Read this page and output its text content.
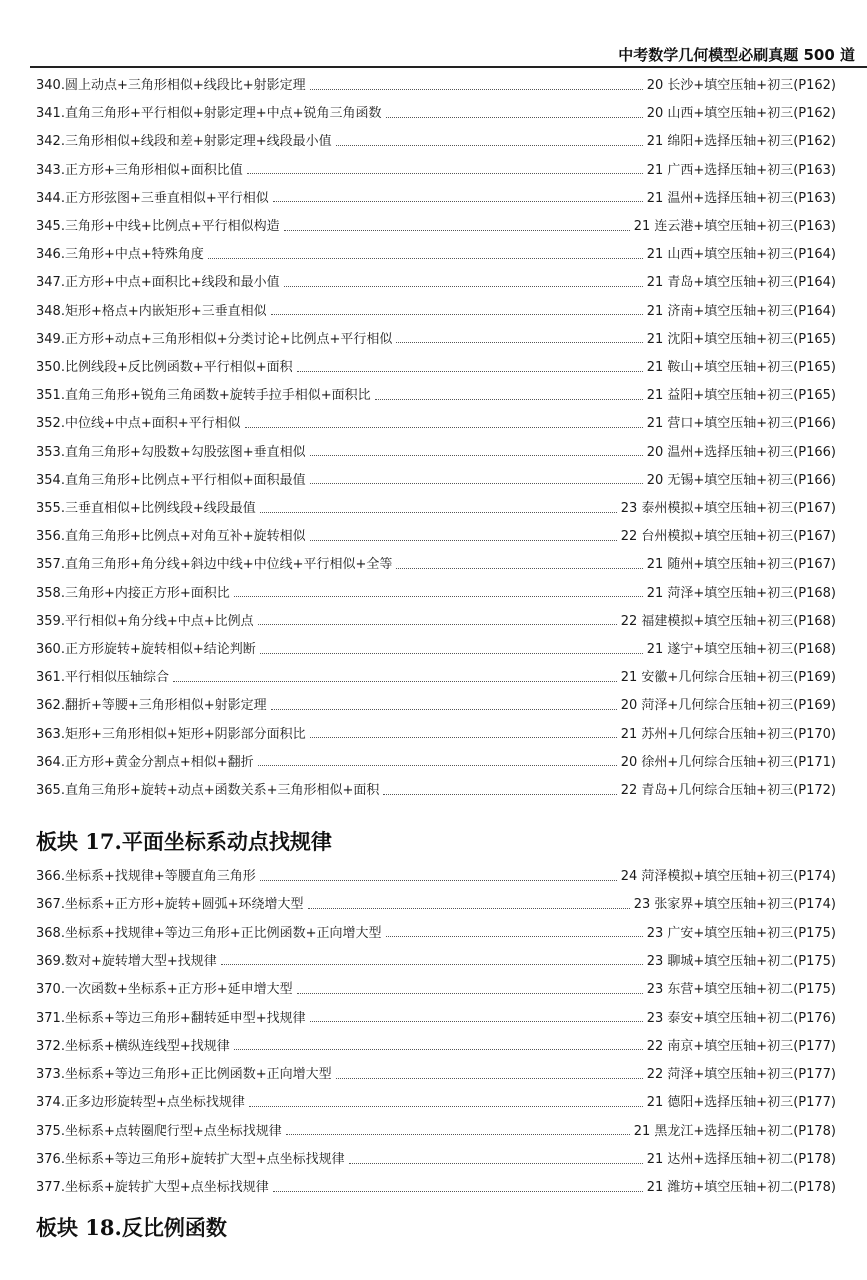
中考数学几何模型必刷真题 500 道
340.圆上动点+三角形相似+线段比+射影定理	20 长沙+填空压轴+初三(P162)
341.直角三角形+平行相似+射影定理+中点+锐角三角函数	20 山西+填空压轴+初三(P162)
342.三角形相似+线段和差+射影定理+线段最小值	21 绵阳+选择压轴+初三(P162)
343.正方形+三角形相似+面积比值	21 广西+选择压轴+初三(P163)
344.正方形弦图+三垂直相似+平行相似	21 温州+选择压轴+初三(P163)
345.三角形+中线+比例点+平行相似构造	21 连云港+填空压轴+初三(P163)
346.三角形+中点+特殊角度	21 山西+填空压轴+初三(P164)
347.正方形+中点+面积比+线段和最小值	21 青岛+填空压轴+初三(P164)
348.矩形+格点+内嵌矩形+三垂直相似	21 济南+填空压轴+初三(P164)
349.正方形+动点+三角形相似+分类讨论+比例点+平行相似	21 沈阳+填空压轴+初三(P165)
350.比例线段+反比例函数+平行相似+面积	21 鞍山+填空压轴+初三(P165)
351.直角三角形+锐角三角函数+旋转手拉手相似+面积比	21 益阳+填空压轴+初三(P165)
352.中位线+中点+面积+平行相似	21 营口+填空压轴+初三(P166)
353.直角三角形+勾股数+勾股弦图+垂直相似	20 温州+选择压轴+初三(P166)
354.直角三角形+比例点+平行相似+面积最值	20 无锡+填空压轴+初三(P166)
355.三垂直相似+比例线段+线段最值	23 泰州模拟+填空压轴+初三(P167)
356.直角三角形+比例点+对角互补+旋转相似	22 台州模拟+填空压轴+初三(P167)
357.直角三角形+角分线+斜边中线+中位线+平行相似+全等	21 随州+填空压轴+初三(P167)
358.三角形+内接正方形+面积比	21 菏泽+填空压轴+初三(P168)
359.平行相似+角分线+中点+比例点	22 福建模拟+填空压轴+初三(P168)
360.正方形旋转+旋转相似+结论判断	21 遂宁+填空压轴+初三(P168)
361.平行相似压轴综合	21 安徽+几何综合压轴+初三(P169)
362.翻折+等腰+三角形相似+射影定理	20 菏泽+几何综合压轴+初三(P169)
363.矩形+三角形相似+矩形+阴影部分面积比	21 苏州+几何综合压轴+初三(P170)
364.正方形+黄金分割点+相似+翻折	20 徐州+几何综合压轴+初三(P171)
365.直角三角形+旋转+动点+函数关系+三角形相似+面积	22 青岛+几何综合压轴+初三(P172)
板块 17.平面坐标系动点找规律
366.坐标系+找规律+等腰直角三角形	24 菏泽模拟+填空压轴+初三(P174)
367.坐标系+正方形+旋转+圆弧+环绕增大型	23 张家界+填空压轴+初三(P174)
368.坐标系+找规律+等边三角形+正比例函数+正向增大型	23 广安+填空压轴+初三(P175)
369.数对+旋转增大型+找规律	23 聊城+填空压轴+初二(P175)
370.一次函数+坐标系+正方形+延申增大型	23 东营+填空压轴+初二(P175)
371.坐标系+等边三角形+翻转延申型+找规律	23 泰安+填空压轴+初二(P176)
372.坐标系+横纵连线型+找规律	22 南京+填空压轴+初三(P177)
373.坐标系+等边三角形+正比例函数+正向增大型	22 菏泽+填空压轴+初三(P177)
374.正多边形旋转型+点坐标找规律	21 德阳+选择压轴+初三(P177)
375.坐标系+点转圈爬行型+点坐标找规律	21 黑龙江+选择压轴+初二(P178)
376.坐标系+等边三角形+旋转扩大型+点坐标找规律	21 达州+选择压轴+初二(P178)
377.坐标系+旋转扩大型+点坐标找规律	21 潍坊+填空压轴+初二(P178)
板块 18.反比例函数
